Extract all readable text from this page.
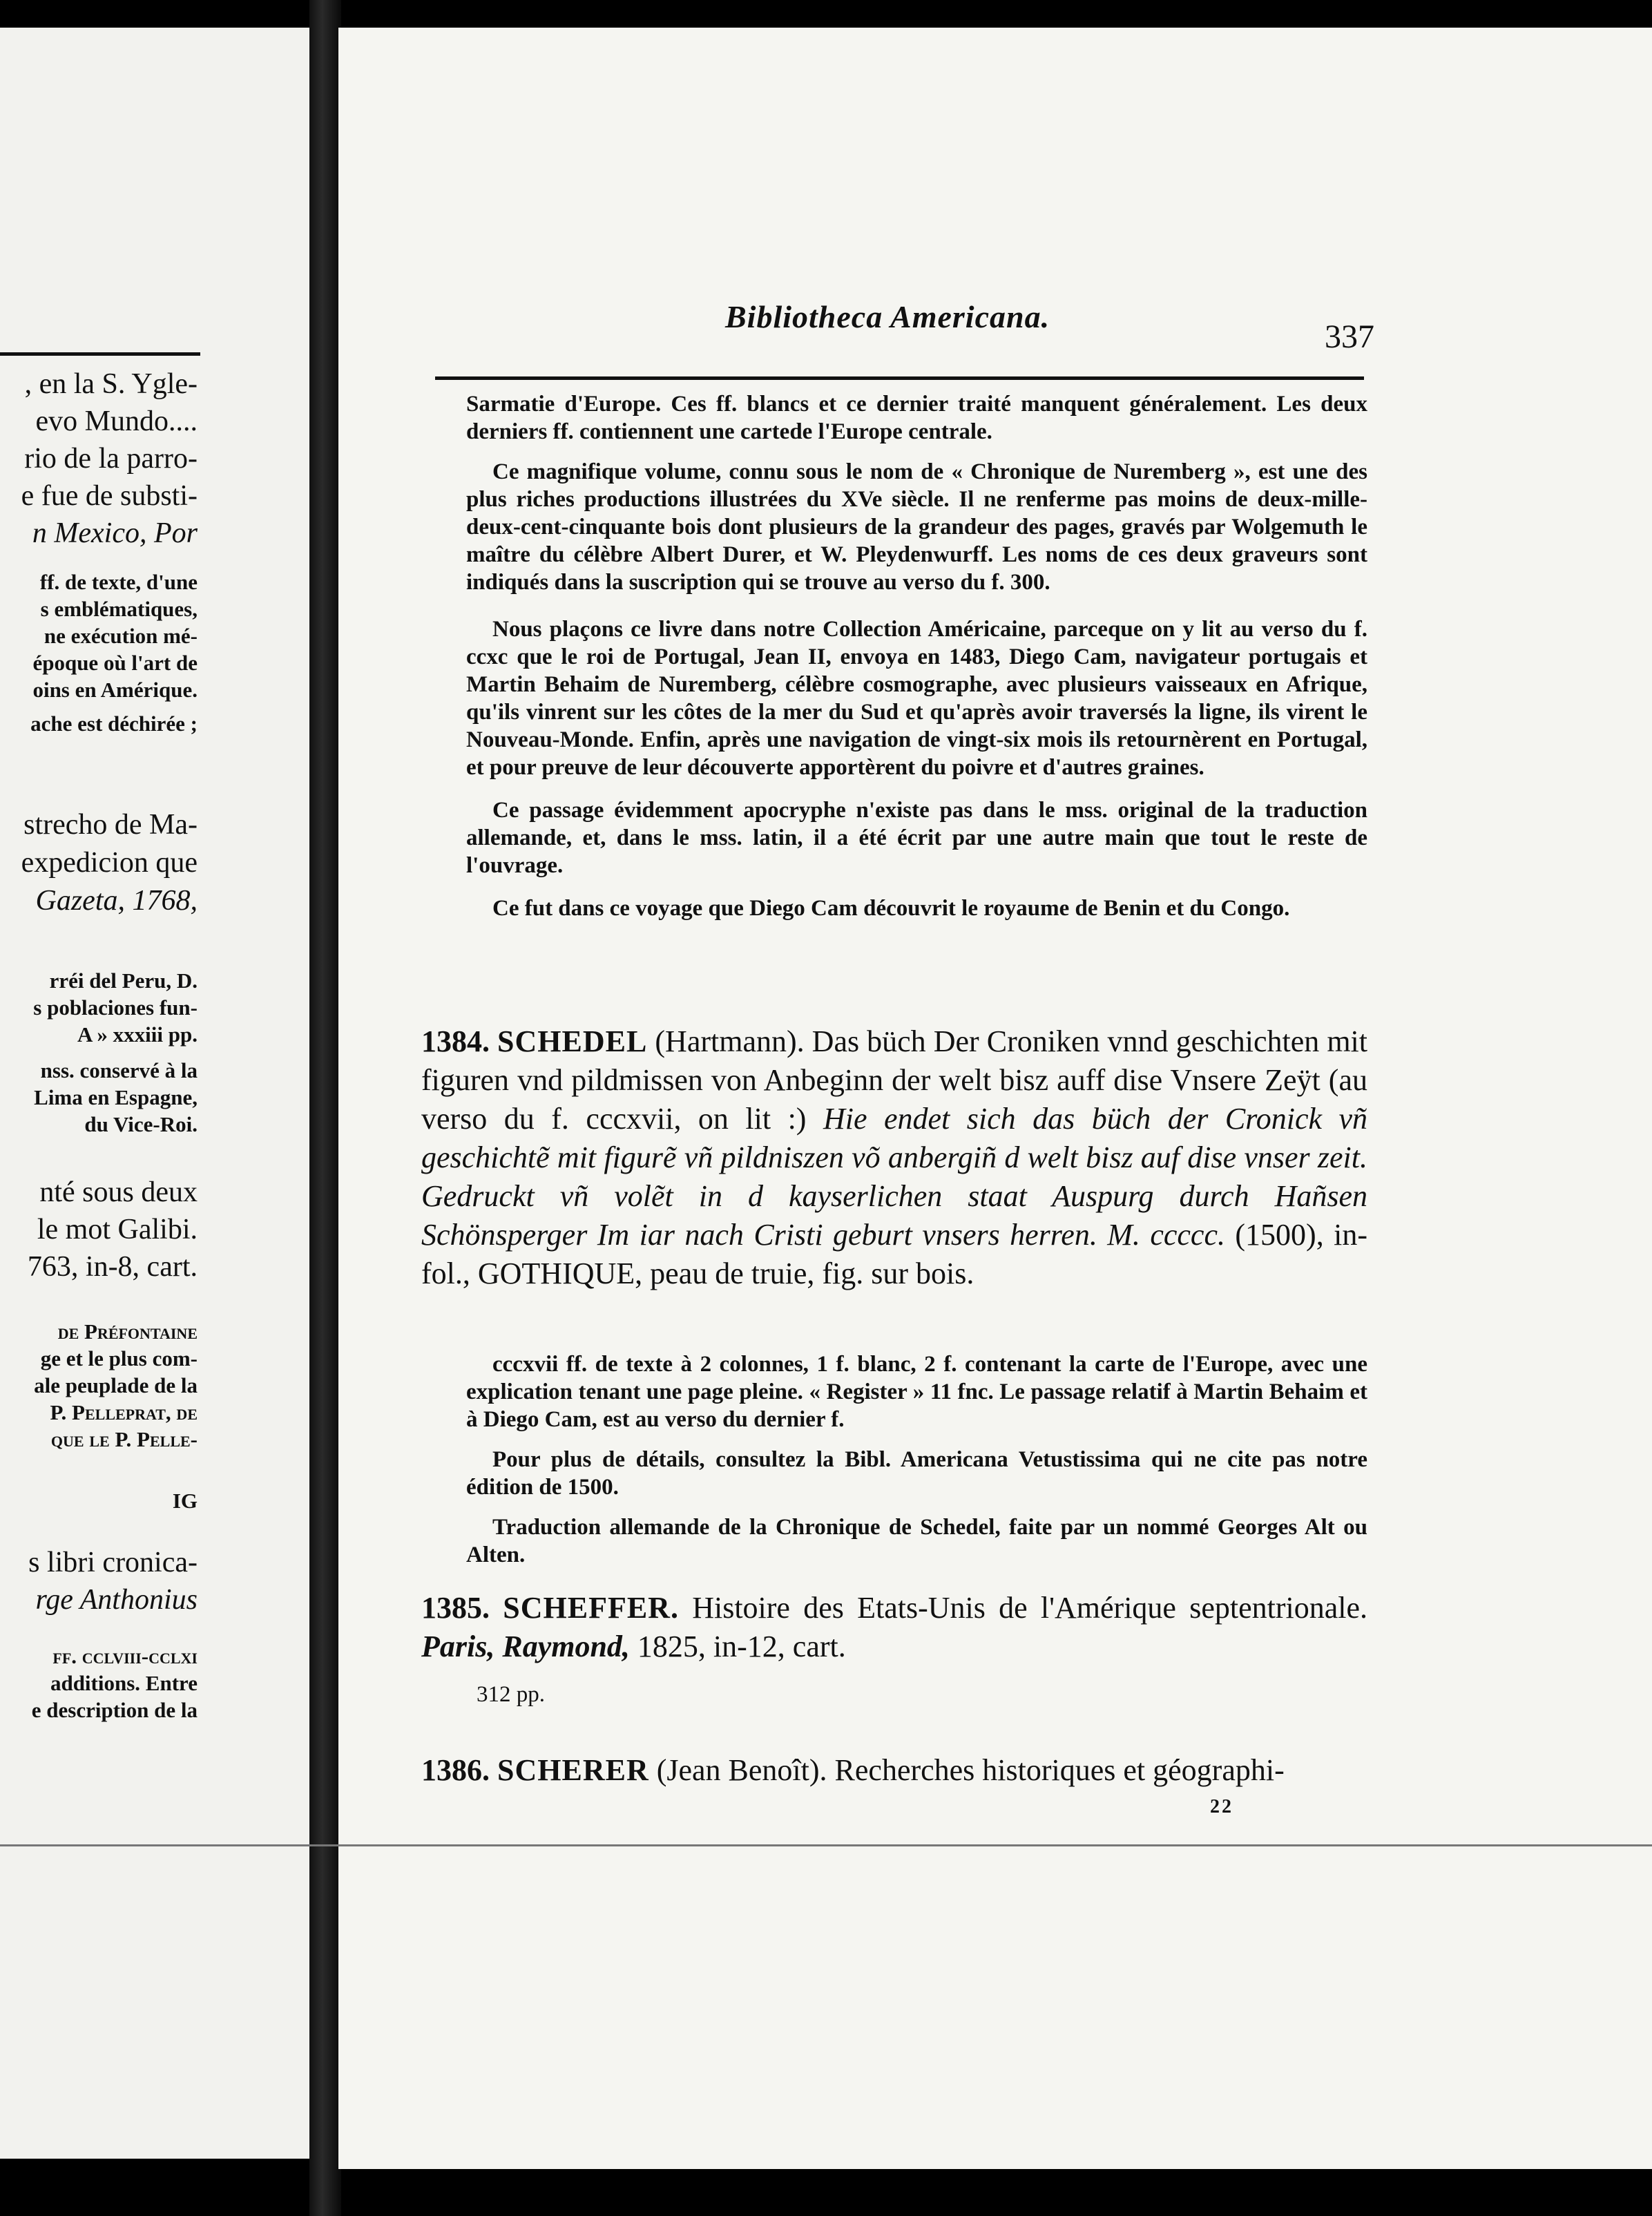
, en la S. Ygle-
evo Mundo....
rio de la parro-
e fue de substi-
n Mexico, Por
ff. de texte, d'une
s emblématiques,
ne exécution mé-
époque où l'art de
oins en Amérique.
ache est déchirée ;
strecho de Ma-
expedicion que
Gazeta, 1768,
rréi del Peru, D.
s poblaciones fun-
A » xxxiii pp.
nss. conservé à la
Lima en Espagne,
du Vice-Roi.
nté sous deux
le mot Galibi.
763, in-8, cart.
de Préfontaine
ge et le plus com-
ale peuplade de la
P. Pelleprat, de
que le P. Pelle-
IG
s libri cronica-
rge Anthonius
ff. cclviii-cclxi
additions. Entre
e description de la
Bibliotheca Americana.
337

Sarmatie d'Europe. Ces ff. blancs et ce dernier traité manquent généralement. Les deux derniers ff. contiennent une cartede l'Europe centrale.

Ce magnifique volume, connu sous le nom de « Chronique de Nuremberg », est une des plus riches productions illustrées du XVe siècle. Il ne renferme pas moins de deux-mille-deux-cent-cinquante bois dont plusieurs de la grandeur des pages, gravés par Wolgemuth le maître du célèbre Albert Durer, et W. Pleydenwurff. Les noms de ces deux graveurs sont indiqués dans la suscription qui se trouve au verso du f. 300.

Nous plaçons ce livre dans notre Collection Américaine, parceque on y lit au verso du f. ccxc que le roi de Portugal, Jean II, envoya en 1483, Diego Cam, navigateur portugais et Martin Behaim de Nuremberg, célèbre cosmographe, avec plusieurs vaisseaux en Afrique, qu'ils vinrent sur les côtes de la mer du Sud et qu'après avoir traversés la ligne, ils virent le Nouveau-Monde. Enfin, après une navigation de vingt-six mois ils retournèrent en Portugal, et pour preuve de leur découverte apportèrent du poivre et d'autres graines.

Ce passage évidemment apocryphe n'existe pas dans le mss. original de la traduction allemande, et, dans le mss. latin, il a été écrit par une autre main que tout le reste de l'ouvrage.

Ce fut dans ce voyage que Diego Cam découvrit le royaume de Benin et du Congo.

1384. SCHEDEL (Hartmann). Das büch Der Croniken vnnd geschichten mit figuren vnd pildmissen von Anbeginn der welt bisz auff dise Vnsere Zeÿt (au verso du f. cccxvii, on lit :) Hie endet sich das büch der Cronick vñ geschichtẽ mit figurẽ vñ pildniszen võ anbergiñ d welt bisz auf dise vnser zeit. Gedruckt vñ volẽt in d kayserlichen staat Auspurg durch Hañsen Schönsperger Im iar nach Cristi geburt vnsers herren. M. ccccc. (1500), in-fol., GOTHIQUE, peau de truie, fig. sur bois.

cccxvii ff. de texte à 2 colonnes, 1 f. blanc, 2 f. contenant la carte de l'Europe, avec une explication tenant une page pleine. « Register » 11 fnc. Le passage relatif à Martin Behaim et à Diego Cam, est au verso du dernier f.

Pour plus de détails, consultez la Bibl. Americana Vetustissima qui ne cite pas notre édition de 1500.

Traduction allemande de la Chronique de Schedel, faite par un nommé Georges Alt ou Alten.

1385. SCHEFFER. Histoire des Etats-Unis de l'Amérique septentrionale. Paris, Raymond, 1825, in-12, cart.

312 pp.

1386. SCHERER (Jean Benoît). Recherches historiques et géographi-

22
